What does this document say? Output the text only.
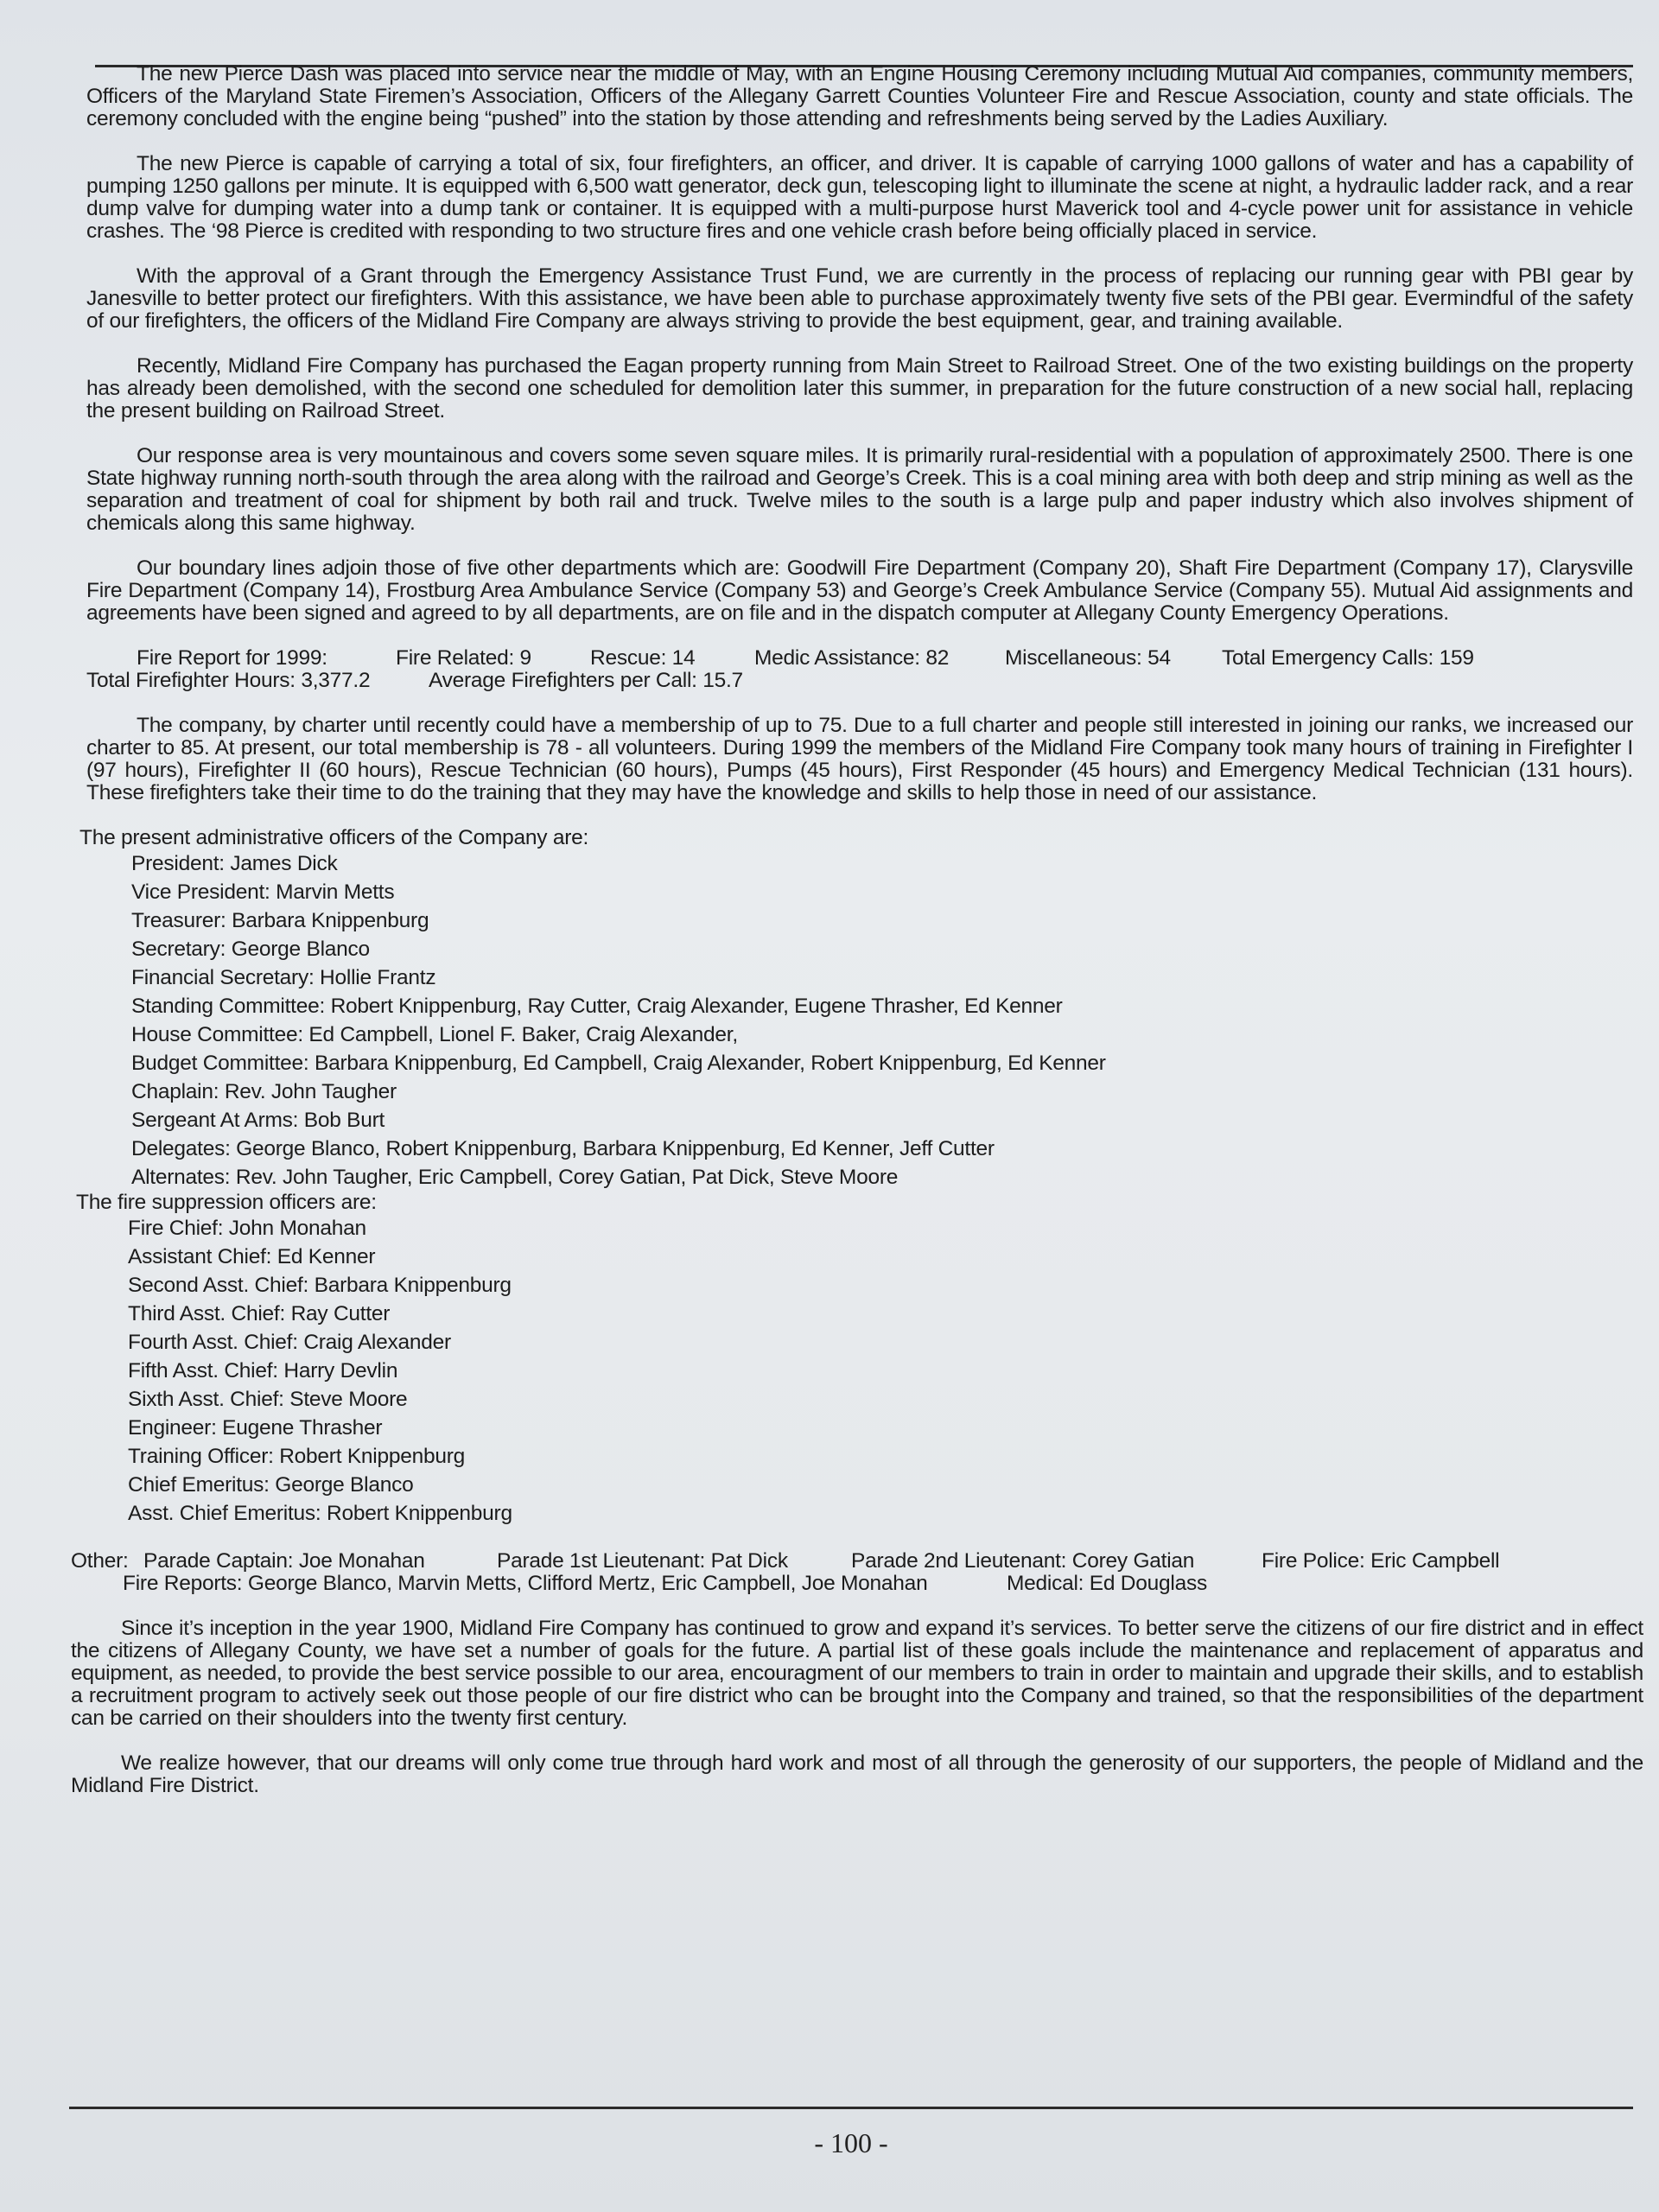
The new Pierce Dash was placed into service near the middle of May, with an Engine Housing Ceremony including Mutual Aid companies, community members, Officers of the Maryland State Firemen’s Association, Officers of the Allegany Garrett Counties Volunteer Fire and Rescue Association, county and state officials. The ceremony concluded with the engine being “pushed” into the station by those attending and refreshments being served by the Ladies Auxiliary.

The new Pierce is capable of carrying a total of six, four firefighters, an officer, and driver. It is capable of carrying 1000 gallons of water and has a capability of pumping 1250 gallons per minute. It is equipped with 6,500 watt generator, deck gun, telescoping light to illuminate the scene at night, a hydraulic ladder rack, and a rear dump valve for dumping water into a dump tank or container. It is equipped with a multi-purpose hurst Maverick tool and 4-cycle power unit for assistance in vehicle crashes. The ‘98 Pierce is credited with responding to two structure fires and one vehicle crash before being officially placed in service.

With the approval of a Grant through the Emergency Assistance Trust Fund, we are currently in the process of replacing our running gear with PBI gear by Janesville to better protect our firefighters. With this assistance, we have been able to purchase approximately twenty five sets of the PBI gear. Evermindful of the safety of our firefighters, the officers of the Midland Fire Company are always striving to provide the best equipment, gear, and training available.

Recently, Midland Fire Company has purchased the Eagan property running from Main Street to Railroad Street. One of the two existing buildings on the property has already been demolished, with the second one scheduled for demolition later this summer, in preparation for the future construction of a new social hall, replacing the present building on Railroad Street.

Our response area is very mountainous and covers some seven square miles. It is primarily rural-residential with a population of approximately 2500. There is one State highway running north-south through the area along with the railroad and George’s Creek. This is a coal mining area with both deep and strip mining as well as the separation and treatment of coal for shipment by both rail and truck. Twelve miles to the south is a large pulp and paper industry which also involves shipment of chemicals along this same highway.

Our boundary lines adjoin those of five other departments which are: Goodwill Fire Department (Company 20), Shaft Fire Department (Company 17), Clarysville Fire Department (Company 14), Frostburg Area Ambulance Service (Company 53) and George’s Creek Ambulance Service (Company 55). Mutual Aid assignments and agreements have been signed and agreed to by all departments, are on file and in the dispatch computer at Allegany County Emergency Operations.

Fire Report for 1999:	Fire Related: 9	Rescue: 14	Medic Assistance: 82	Miscellaneous: 54 Total Emergency Calls: 159
Total Firefighter Hours: 3,377.2	Average Firefighters per Call: 15.7

The company, by charter until recently could have a membership of up to 75. Due to a full charter and people still interested in joining our ranks, we increased our charter to 85. At present, our total membership is 78 - all volunteers. During 1999 the members of the Midland Fire Company took many hours of training in Firefighter I (97 hours), Firefighter II (60 hours), Rescue Technician (60 hours), Pumps (45 hours), First Responder (45 hours) and Emergency Medical Technician (131 hours). These firefighters take their time to do the training that they may have the knowledge and skills to help those in need of our assistance.

The present administrative officers of the Company are:
President: James Dick
Vice President: Marvin Metts
Treasurer: Barbara Knippenburg
Secretary: George Blanco
Financial Secretary: Hollie Frantz
Standing Committee: Robert Knippenburg, Ray Cutter, Craig Alexander, Eugene Thrasher, Ed Kenner
House Committee: Ed Campbell, Lionel F. Baker, Craig Alexander,
Budget Committee: Barbara Knippenburg, Ed Campbell, Craig Alexander, Robert Knippenburg, Ed Kenner
Chaplain: Rev. John Taugher
Sergeant At Arms: Bob Burt
Delegates: George Blanco, Robert Knippenburg, Barbara Knippenburg, Ed Kenner, Jeff Cutter
Alternates: Rev. John Taugher, Eric Campbell, Corey Gatian, Pat Dick, Steve Moore
The fire suppression officers are:
Fire Chief: John Monahan
Assistant Chief: Ed Kenner
Second Asst. Chief: Barbara Knippenburg
Third Asst. Chief: Ray Cutter
Fourth Asst. Chief: Craig Alexander
Fifth Asst. Chief: Harry Devlin
Sixth Asst. Chief: Steve Moore
Engineer: Eugene Thrasher
Training Officer: Robert Knippenburg
Chief Emeritus: George Blanco
Asst. Chief Emeritus: Robert Knippenburg
Other: Parade Captain: Joe Monahan	Parade 1st Lieutenant: Pat Dick	Parade 2nd Lieutenant: Corey Gatian	Fire Police: Eric Campbell
Fire Reports: George Blanco, Marvin Metts, Clifford Mertz, Eric Campbell, Joe Monahan	Medical: Ed Douglass

Since it’s inception in the year 1900, Midland Fire Company has continued to grow and expand it’s services. To better serve the citizens of our fire district and in effect the citizens of Allegany County, we have set a number of goals for the future. A partial list of these goals include the maintenance and replacement of apparatus and equipment, as needed, to provide the best service possible to our area, encouragment of our members to train in order to maintain and upgrade their skills, and to establish a recruitment program to actively seek out those people of our fire district who can be brought into the Company and trained, so that the responsibilities of the department can be carried on their shoulders into the twenty first century.

We realize however, that our dreams will only come true through hard work and most of all through the generosity of our supporters, the people of Midland and the Midland Fire District.

- 100 -
